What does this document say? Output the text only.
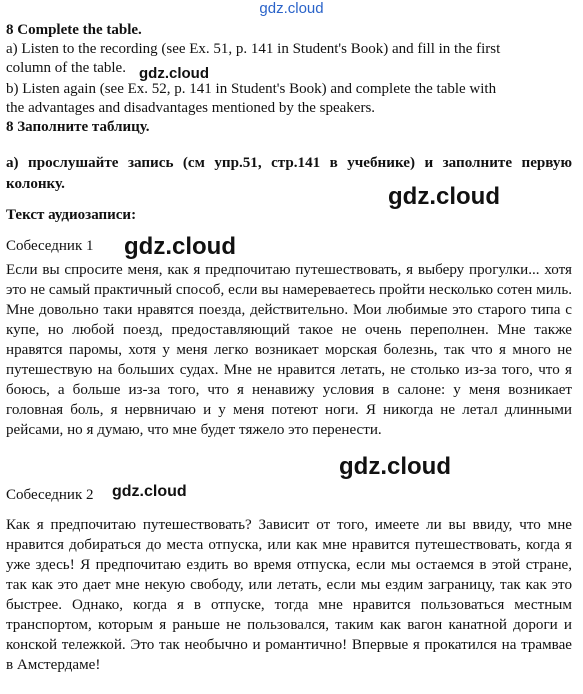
gdz.cloud
8 Complete the table.
a) Listen to the recording (see Ex. 51, p. 141 in Student's Book) and fill in the first
column of the table.
b) Listen again (see Ex. 52, p. 141 in Student's Book) and complete the table with
the advantages and disadvantages mentioned by the speakers.
8 Заполните таблицу.
а) прослушайте запись (см упр.51, стр.141 в учебнике) и заполните первую колонку.
Текст аудиозаписи:
Собеседник 1
Если вы спросите меня, как я предпочитаю путешествовать, я выберу прогулки... хотя это не самый практичный способ, если вы намереваетесь пройти несколько сотен миль. Мне довольно таки нравятся поезда, действительно. Мои любимые это старого типа с купе, но любой поезд, предоставляющий такое не очень переполнен. Мне также нравятся паромы, хотя у меня легко возникает морская болезнь, так что я много не путешествую на больших судах. Мне не нравится летать, не столько из-за того, что я боюсь, а больше из-за того, что я ненавижу условия в салоне: у меня возникает головная боль, я нервничаю и у меня потеют ноги. Я никогда не летал длинными рейсами, но я думаю, что мне будет тяжело это перенести.
Собеседник 2
Как я предпочитаю путешествовать? Зависит от того, имеете ли вы ввиду, что мне нравится добираться до места отпуска, или как мне нравится путешествовать, когда я уже здесь! Я предпочитаю ездить во время отпуска, если мы остаемся в этой стране, так как это дает мне некую свободу, или летать, если мы ездим заграницу, так как это быстрее. Однако, когда я в отпуске, тогда мне нравится пользоваться местным транспортом, которым я раньше не пользовался, таким как вагон канатной дороги и конской тележкой. Это так необычно и романтично! Впервые я прокатился на трамвае в Амстердаме!
gdz.cloud
gdz.cloud
gdz.cloud
gdz.cloud
gdz.cloud
